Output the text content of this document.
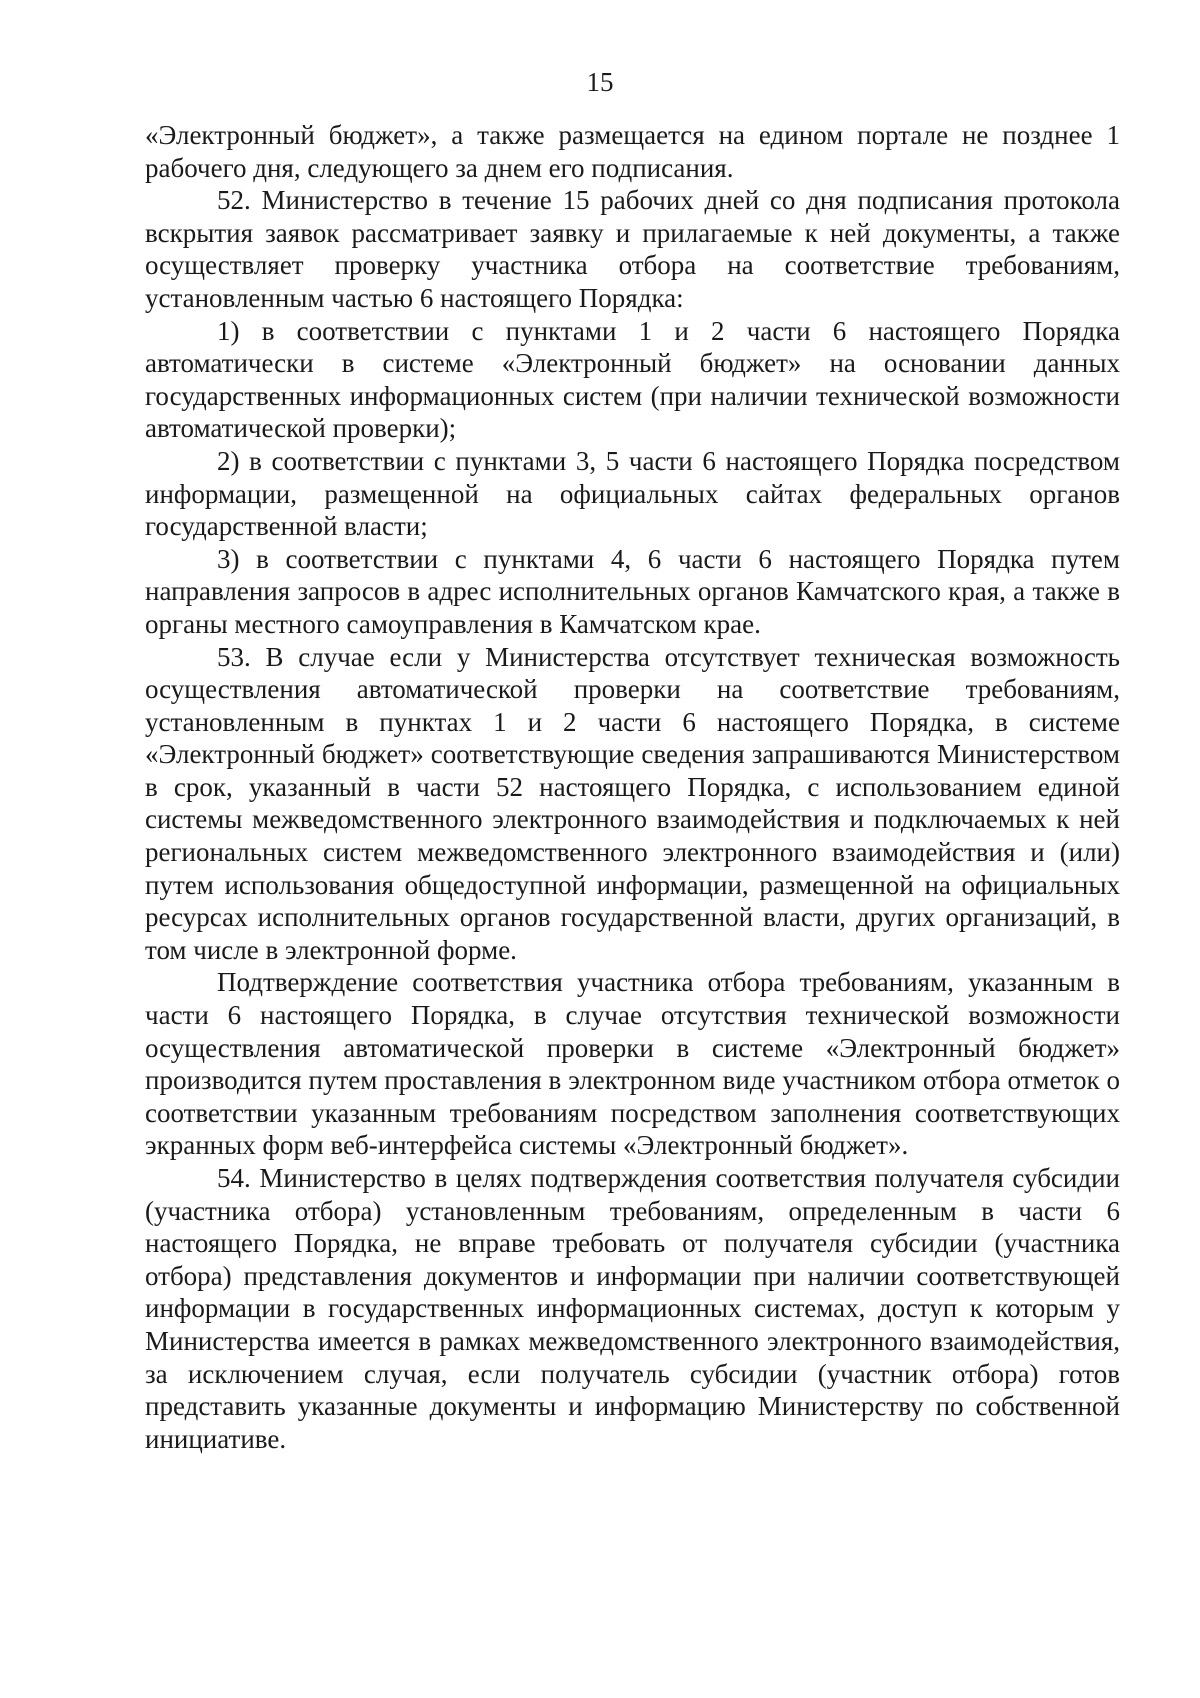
15

«Электронный бюджет», а также размещается на едином портале не позднее 1 рабочего дня, следующего за днем его подписания.

52. Министерство в течение 15 рабочих дней со дня подписания протокола вскрытия заявок рассматривает заявку и прилагаемые к ней документы, а также осуществляет проверку участника отбора на соответствие требованиям, установленным частью 6 настоящего Порядка:

1) в соответствии с пунктами 1 и 2 части 6 настоящего Порядка автоматически в системе «Электронный бюджет» на основании данных государственных информационных систем (при наличии технической возможности автоматической проверки);

2) в соответствии с пунктами 3, 5 части 6 настоящего Порядка посредством информации, размещенной на официальных сайтах федеральных органов государственной власти;

3) в соответствии с пунктами 4, 6 части 6 настоящего Порядка путем направления запросов в адрес исполнительных органов Камчатского края, а также в органы местного самоуправления в Камчатском крае.

53. В случае если у Министерства отсутствует техническая возможность осуществления автоматической проверки на соответствие требованиям, установленным в пунктах 1 и 2 части 6 настоящего Порядка, в системе «Электронный бюджет» соответствующие сведения запрашиваются Министерством в срок, указанный в части 52 настоящего Порядка, с использованием единой системы межведомственного электронного взаимодействия и подключаемых к ней региональных систем межведомственного электронного взаимодействия и (или) путем использования общедоступной информации, размещенной на официальных ресурсах исполнительных органов государственной власти, других организаций, в том числе в электронной форме.

Подтверждение соответствия участника отбора требованиям, указанным в части 6 настоящего Порядка, в случае отсутствия технической возможности осуществления автоматической проверки в системе «Электронный бюджет» производится путем проставления в электронном виде участником отбора отметок о соответствии указанным требованиям посредством заполнения соответствующих экранных форм веб-интерфейса системы «Электронный бюджет».

54. Министерство в целях подтверждения соответствия получателя субсидии (участника отбора) установленным требованиям, определенным в части 6 настоящего Порядка, не вправе требовать от получателя субсидии (участника отбора) представления документов и информации при наличии соответствующей информации в государственных информационных системах, доступ к которым у Министерства имеется в рамках межведомственного электронного взаимодействия, за исключением случая, если получатель субсидии (участник отбора) готов представить указанные документы и информацию Министерству по собственной инициативе.
